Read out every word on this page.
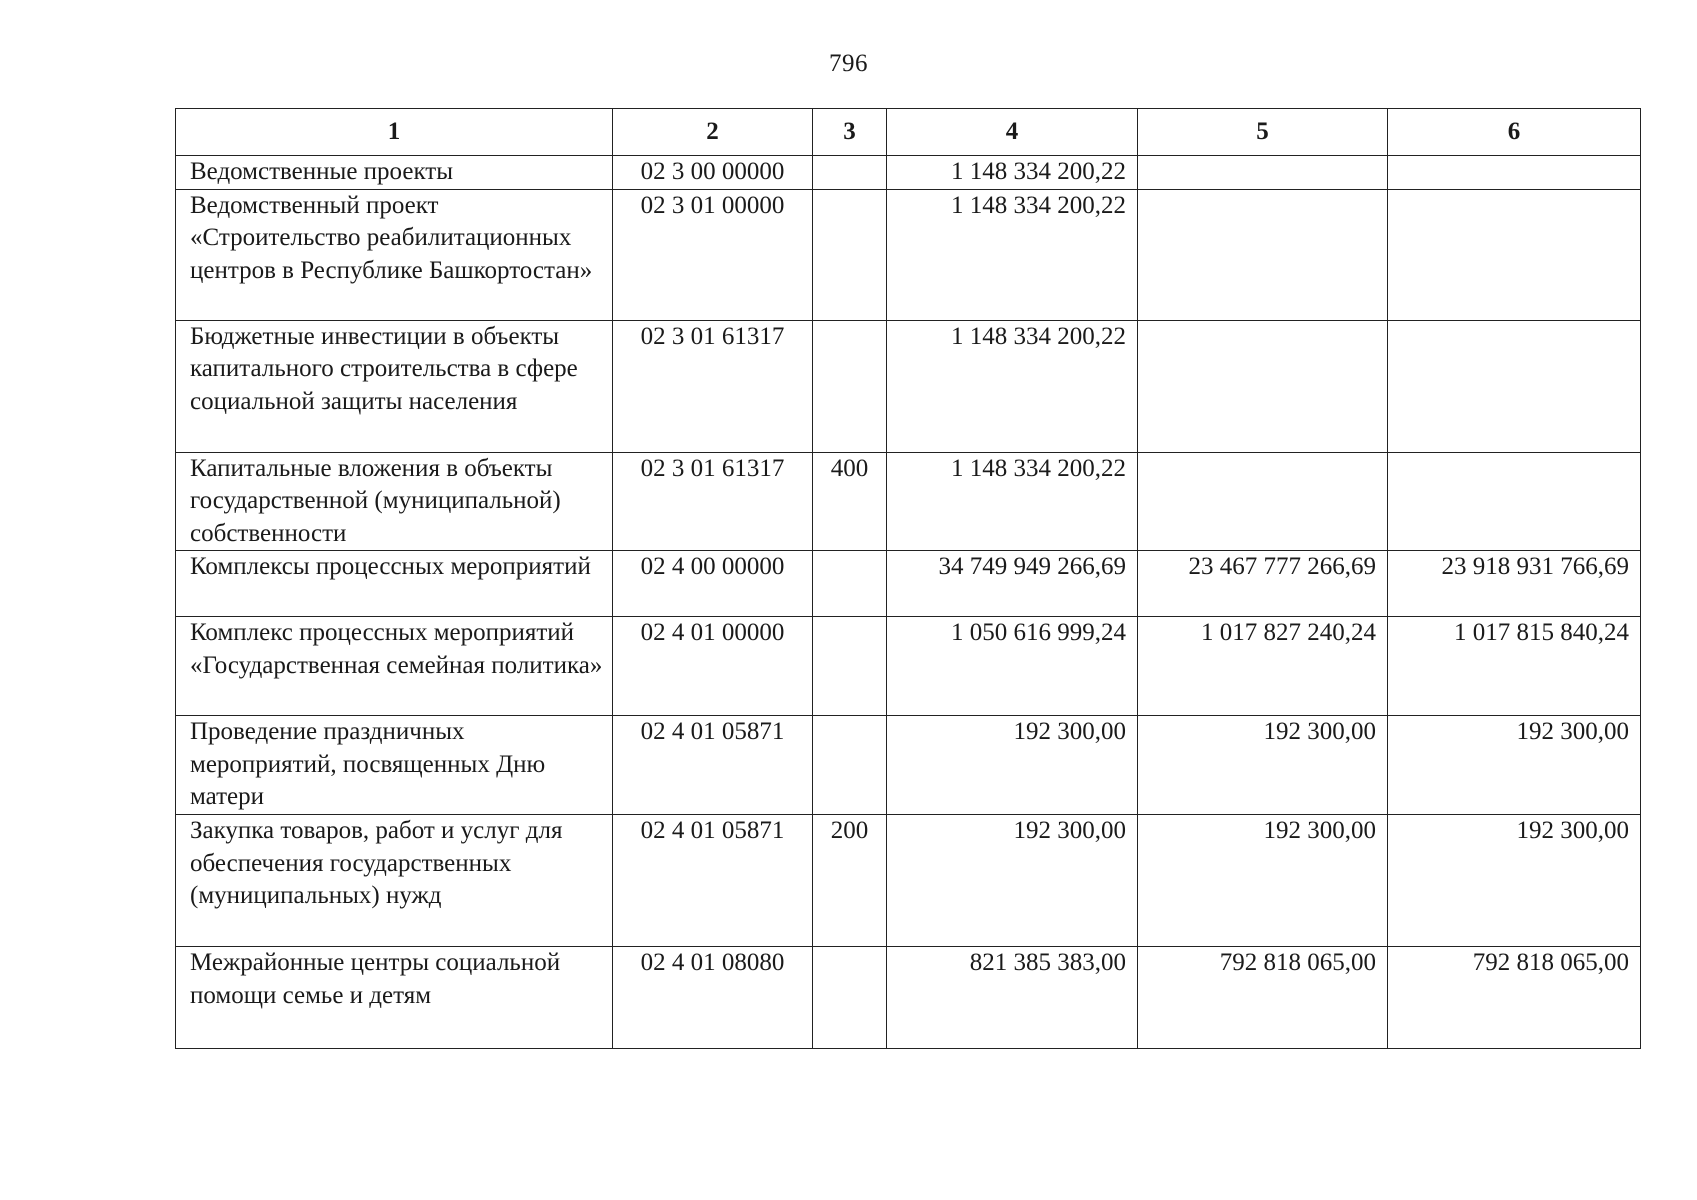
796
1	2	3	4	5	6
Ведомственные проекты	02 3 00 00000		1 148 334 200,22		
Ведомственный проект «Строительство реабилитационных центров в Республике Башкортостан»	02 3 01 00000		1 148 334 200,22		
Бюджетные инвестиции в объекты капитального строительства в сфере социальной защиты населения	02 3 01 61317		1 148 334 200,22		
Капитальные вложения в объекты государственной (муниципальной) собственности	02 3 01 61317	400	1 148 334 200,22		
Комплексы процессных мероприятий	02 4 00 00000		34 749 949 266,69	23 467 777 266,69	23 918 931 766,69
Комплекс процессных мероприятий «Государственная семейная политика»	02 4 01 00000		1 050 616 999,24	1 017 827 240,24	1 017 815 840,24
Проведение праздничных мероприятий, посвященных Дню матери	02 4 01 05871		192 300,00	192 300,00	192 300,00
Закупка товаров, работ и услуг для обеспечения государственных (муниципальных) нужд	02 4 01 05871	200	192 300,00	192 300,00	192 300,00
Межрайонные центры социальной помощи семье и детям	02 4 01 08080		821 385 383,00	792 818 065,00	792 818 065,00
